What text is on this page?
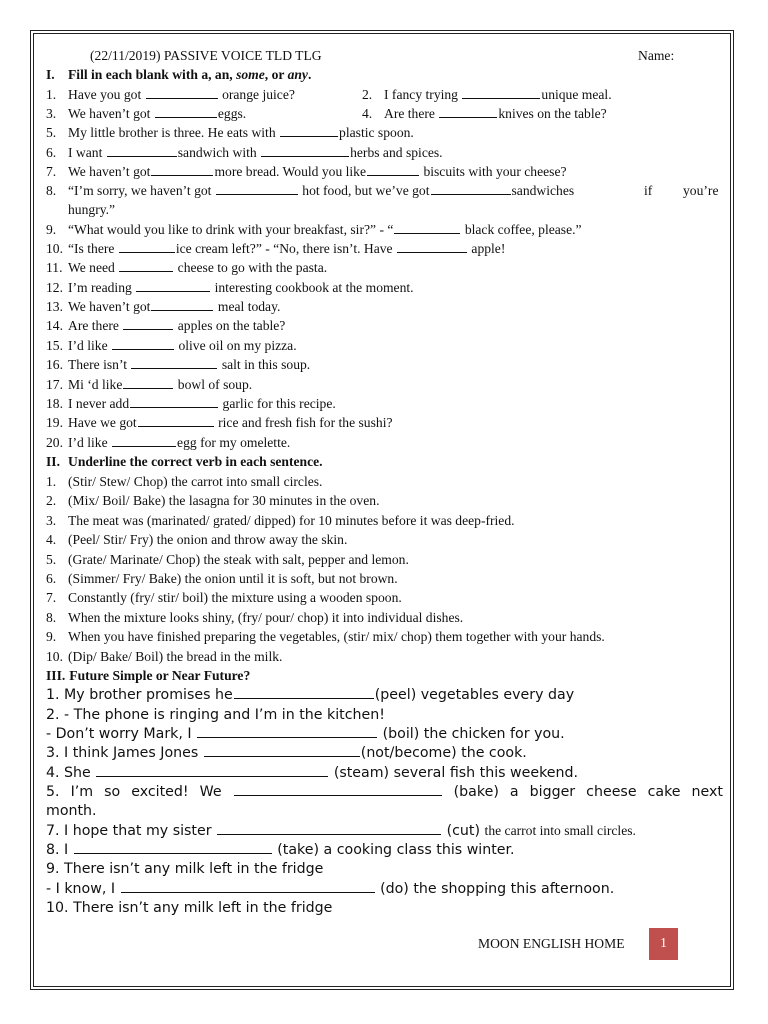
(22/11/2019) PASSIVE VOICE TLD TLG	Name:
I. Fill in each blank with a, an, some, or any.
1. Have you got	orange juice?	2. I fancy trying	unique meal.
3. We haven’t got	eggs.	4. Are there	knives on the table?
5. My little brother is three. He eats with	plastic spoon.
6. I want	sandwich with	herbs and spices.
7. We haven’t got	more bread. Would you like	biscuits with your cheese?
8. “I’m sorry, we haven’t got	hot food, but we’ve got	sandwiches	if you’re
hungry.”
9. “What would you like to drink with your breakfast, sir?” - “	black coffee, please.”
10. “Is there	ice cream left?” - “No, there isn’t. Have	apple!
11. We need	cheese to go with the pasta.
12. I’m reading	interesting cookbook at the moment.
13. We haven’t got	meal today.
14. Are there	apples on the table?
15. I’d like	olive oil on my pizza.
16. There isn’t	salt in this soup.
17. Mi ‘d like	bowl of soup.
18. I never add	garlic for this recipe.
19. Have we got	rice and fresh fish for the sushi?
20. I’d like	egg for my omelette.
II. Underline the correct verb in each sentence.
1. (Stir/ Stew/ Chop) the carrot into small circles.
2. (Mix/ Boil/ Bake) the lasagna for 30 minutes in the oven.
3. The meat was (marinated/ grated/ dipped) for 10 minutes before it was deep-fried.
4. (Peel/ Stir/ Fry) the onion and throw away the skin.
5. (Grate/ Marinate/ Chop) the steak with salt, pepper and lemon.
6. (Simmer/ Fry/ Bake) the onion until it is soft, but not brown.
7. Constantly (fry/ stir/ boil) the mixture using a wooden spoon.
8. When the mixture looks shiny, (fry/ pour/ chop) it into individual dishes.
9. When you have finished preparing the vegetables, (stir/ mix/ chop) them together with your hands.
10. (Dip/ Bake/ Boil) the bread in the milk.
III. Future Simple or Near Future?
1. My brother promises he	(peel) vegetables every day
2. - The phone is ringing and I’m in the kitchen!
- Don’t worry Mark, I	(boil) the chicken for you.
3. I think James Jones	(not/become) the cook.
4. She	(steam) several fish this weekend.
5. I’m so excited! We	(bake) a bigger cheese cake next
month.
7. I hope that my sister	(cut) the carrot into small circles.
8. I	(take) a cooking class this winter.
9. There isn’t any milk left in the fridge
- I know, I	(do) the shopping this afternoon.
10. There isn’t any milk left in the fridge
MOON ENGLISH HOME	1
